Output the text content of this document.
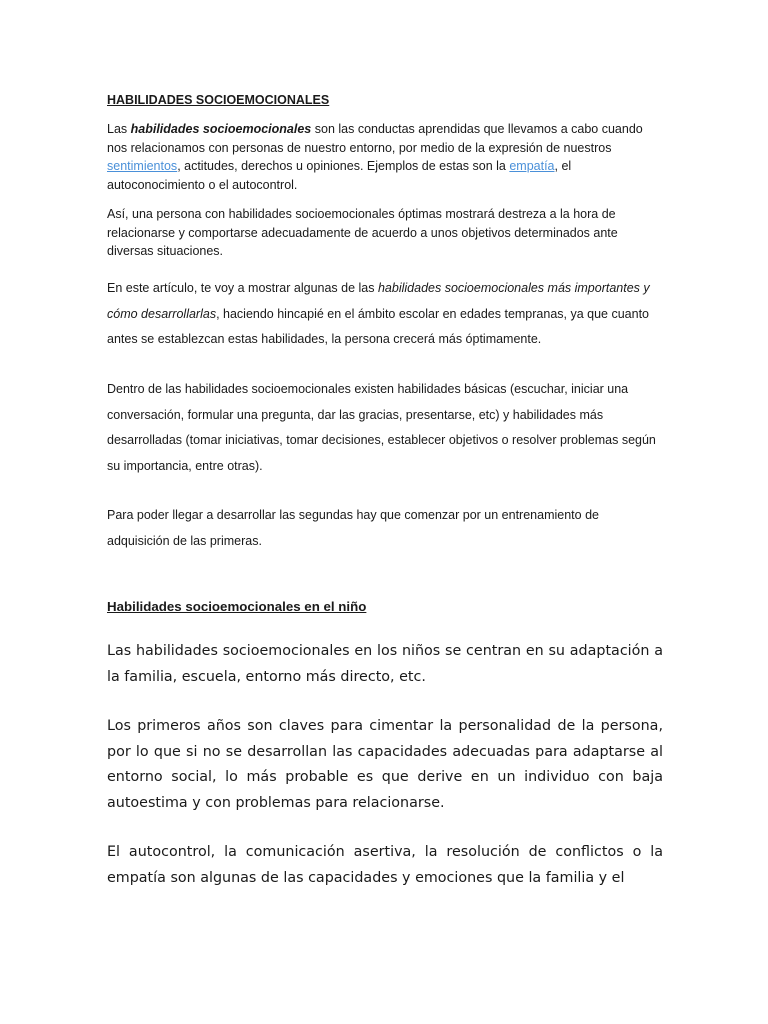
HABILIDADES SOCIOEMOCIONALES

Las habilidades socioemocionales son las conductas aprendidas que llevamos a cabo cuando nos relacionamos con personas de nuestro entorno, por medio de la expresión de nuestros sentimientos, actitudes, derechos u opiniones. Ejemplos de estas son la empatía, el autoconocimiento o el autocontrol.

Así, una persona con habilidades socioemocionales óptimas mostrará destreza a la hora de relacionarse y comportarse adecuadamente de acuerdo a unos objetivos determinados ante diversas situaciones.

En este artículo, te voy a mostrar algunas de las habilidades socioemocionales más importantes y cómo desarrollarlas, haciendo hincapié en el ámbito escolar en edades tempranas, ya que cuanto antes se establezcan estas habilidades, la persona crecerá más óptimamente.

Dentro de las habilidades socioemocionales existen habilidades básicas (escuchar, iniciar una conversación, formular una pregunta, dar las gracias, presentarse, etc) y habilidades más desarrolladas (tomar iniciativas, tomar decisiones, establecer objetivos o resolver problemas según su importancia, entre otras).

Para poder llegar a desarrollar las segundas hay que comenzar por un entrenamiento de adquisición de las primeras.

Habilidades socioemocionales en el niño

Las habilidades socioemocionales en los niños se centran en su adaptación a la familia, escuela, entorno más directo, etc.

Los primeros años son claves para cimentar la personalidad de la persona, por lo que si no se desarrollan las capacidades adecuadas para adaptarse al entorno social, lo más probable es que derive en un individuo con baja autoestima y con problemas para relacionarse.

El autocontrol, la comunicación asertiva, la resolución de conflictos o la empatía son algunas de las capacidades y emociones que la familia y el
